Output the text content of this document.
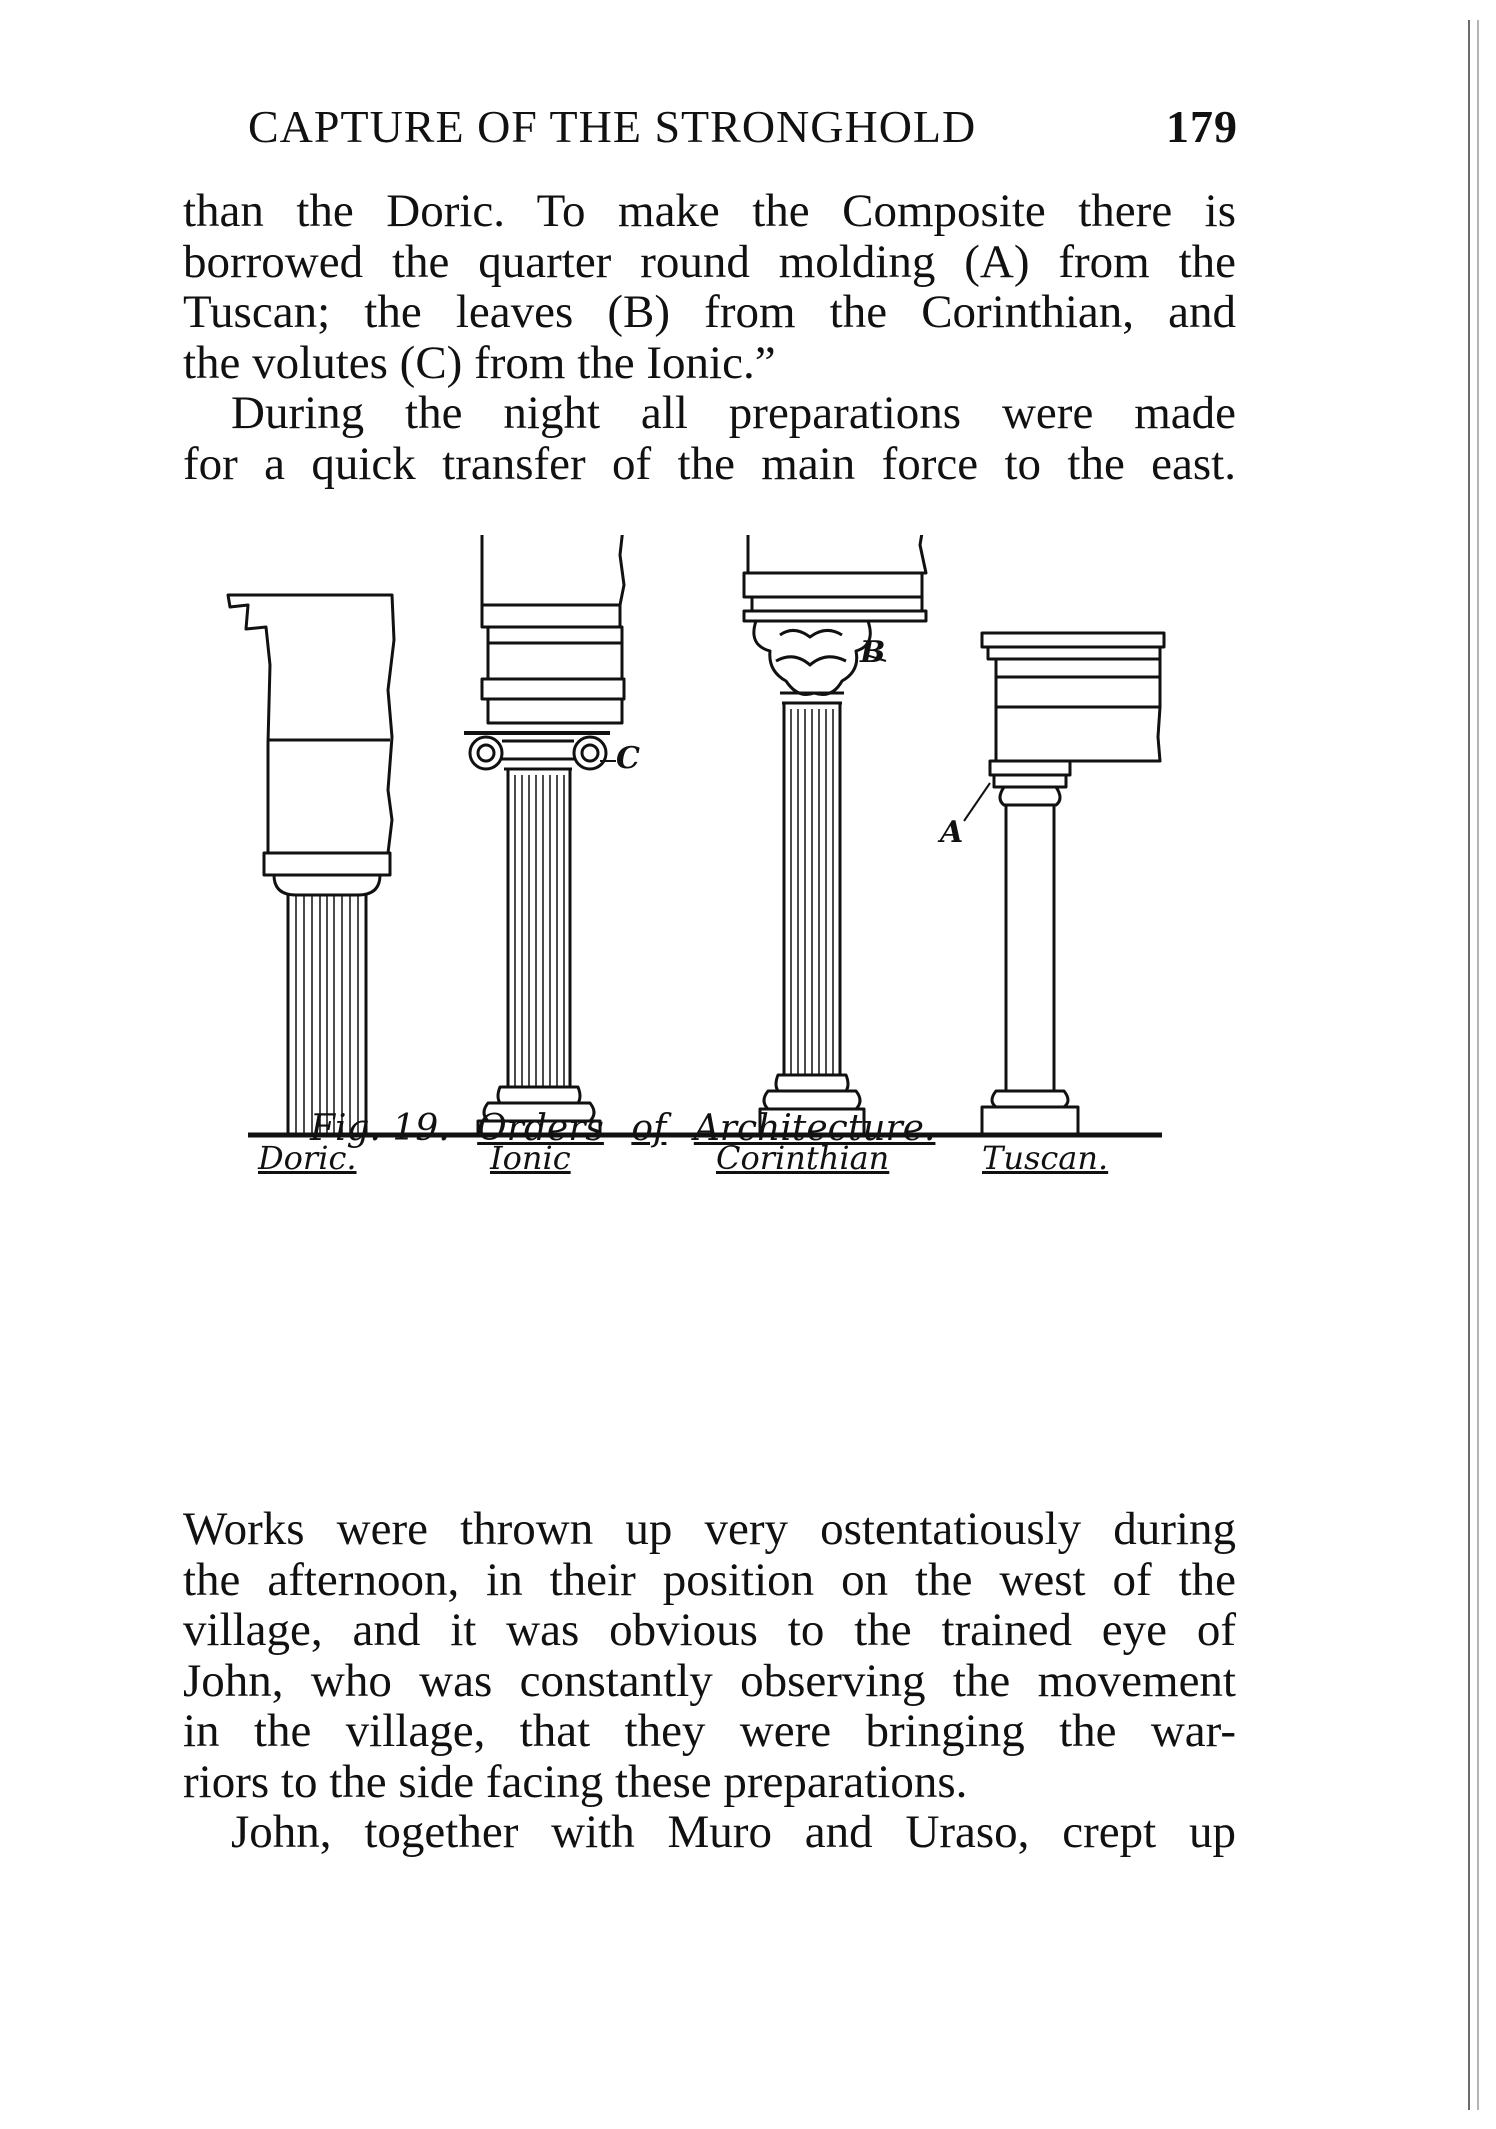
CAPTURE OF THE STRONGHOLD	179
than the Doric. To make the Composite there is
borrowed the quarter round molding (A) from the
Tuscan; the leaves (B) from the Corinthian, and
the volutes (C) from the Ionic.”
During the night all preparations were made
for a quick transfer of the main force to the east.
B
C
A
Doric.	Ionic	Corinthian	Tuscan.
Fig. 19. Orders of Architecture.
Works were thrown up very ostentatiously during
the afternoon, in their position on the west of the
village, and it was obvious to the trained eye of
John, who was constantly observing the movement
in the village, that they were bringing the war-
riors to the side facing these preparations.
John, together with Muro and Uraso, crept up
